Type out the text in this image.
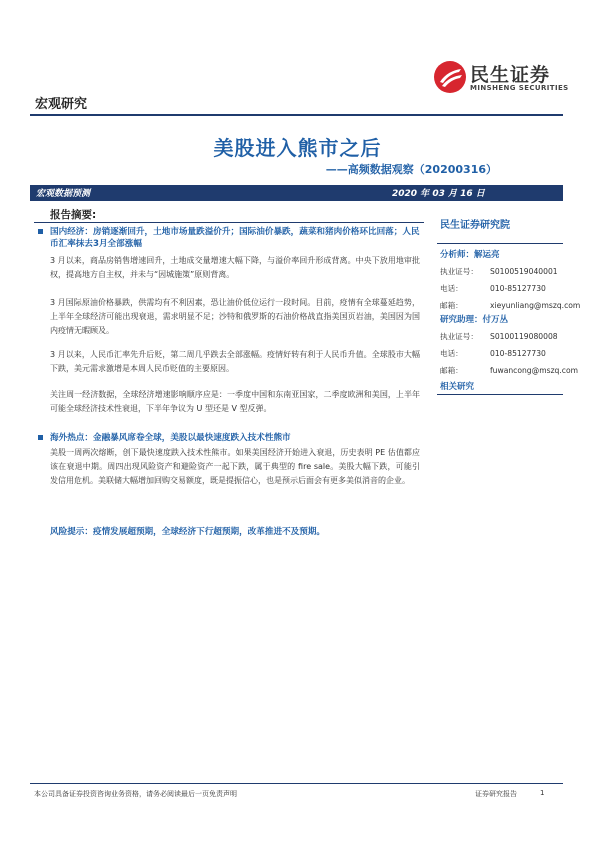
民生证券
MINSHENG SECURITIES
宏观研究
美股进入熊市之后
——高频数据观察（20200316）
宏观数据预测	2020 年 03 月 16 日
报告摘要:
国内经济：房销逐渐回升，土地市场量跌溢价升；国际油价暴跌，蔬菜和猪肉价格环比回落；人民币汇率抹去3月全部涨幅
3 月以来，商品房销售增速回升，土地成交量增速大幅下降，与溢价率回升形成背离。中央下放用地审批权，提高地方自主权，并未与“因城施策”原则背离。
3 月国际原油价格暴跌，供需均有不利因素，恐让油价低位运行一段时间。目前，疫情有全球蔓延趋势，上半年全球经济可能出现衰退，需求明显不足；沙特和俄罗斯的石油价格战直指美国页岩油，美国因为国内疫情无暇顾及。
3 月以来，人民币汇率先升后贬，第二周几乎跌去全部涨幅。疫情好转有利于人民币升值。全球股市大幅下跌，美元需求激增是本周人民币贬值的主要原因。
关注周一经济数据，全球经济增速影响顺序应是：一季度中国和东南亚国家，二季度欧洲和美国，上半年可能全球经济技术性衰退，下半年争议为 U 型还是 V 型反弹。
海外热点：金融暴风席卷全球，美股以最快速度跌入技术性熊市
美股一周两次熔断，创下最快速度跌入技术性熊市。如果美国经济开始进入衰退，历史表明 PE 估值都应该在衰退中期。周四出现风险资产和避险资产一起下跌，属于典型的 fire sale。美股大幅下跌，可能引发信用危机。美联储大幅增加回购交易额度，既是提振信心，也是预示后面会有更多美似消音的企业。
风险提示：疫情发展超预期，全球经济下行超预期，改革推进不及预期。
民生证券研究院
分析师：解运亮
执业证号： S0100519040001
电话：	010-85127730
邮箱：	xieyunliang@mszq.com
研究助理：付万丛
执业证号： S0100119080008
电话：	010-85127730
邮箱：	fuwancong@mszq.com
相关研究
本公司具备证券投资咨询业务资格，请务必阅读最后一页免责声明	证券研究报告	1
